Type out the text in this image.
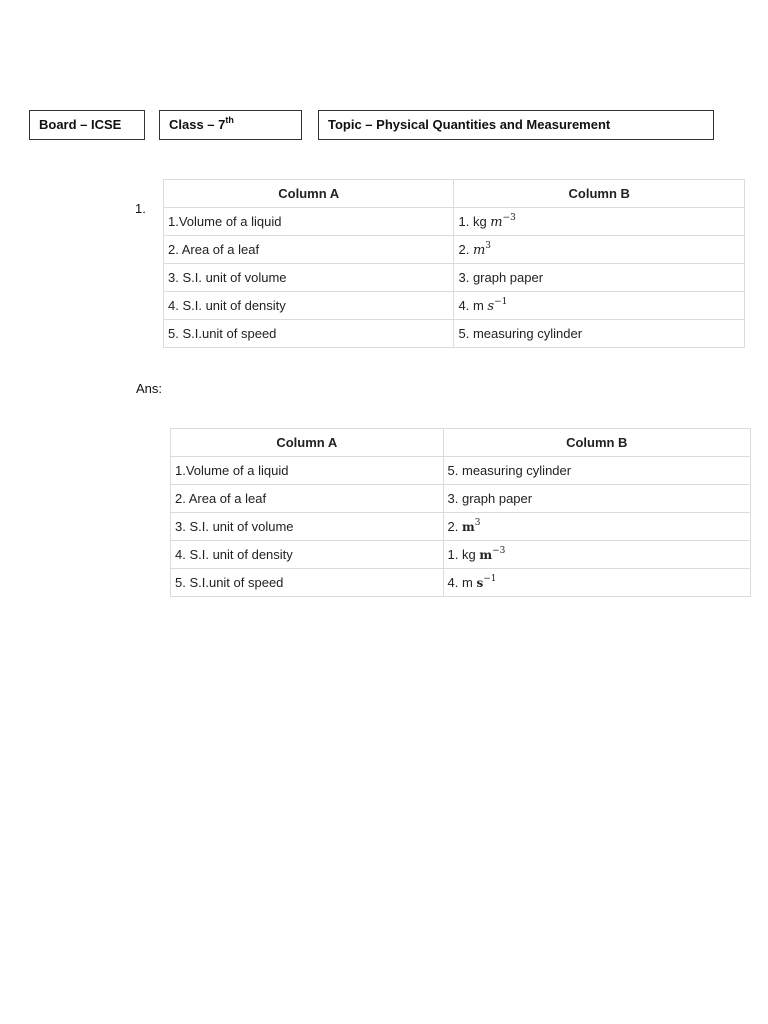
Board – ICSE	Class – 7th	Topic – Physical Quantities and Measurement
1.
Column A	Column B
1.Volume of a liquid	1. kg $m^{-3}$
2. Area of a leaf	2. $m^3$
3. S.I. unit of volume	3. graph paper
4. S.I. unit of density	4. m $s^{-1}$
5. S.I.unit of speed	5. measuring cylinder
Ans:
Column A	Column B
1.Volume of a liquid	5. measuring cylinder
2. Area of a leaf	3. graph paper
3. S.I. unit of volume	2. $m^3$
4. S.I. unit of density	1. kg $m^{-3}$
5. S.I.unit of speed	4. m $s^{-1}$
